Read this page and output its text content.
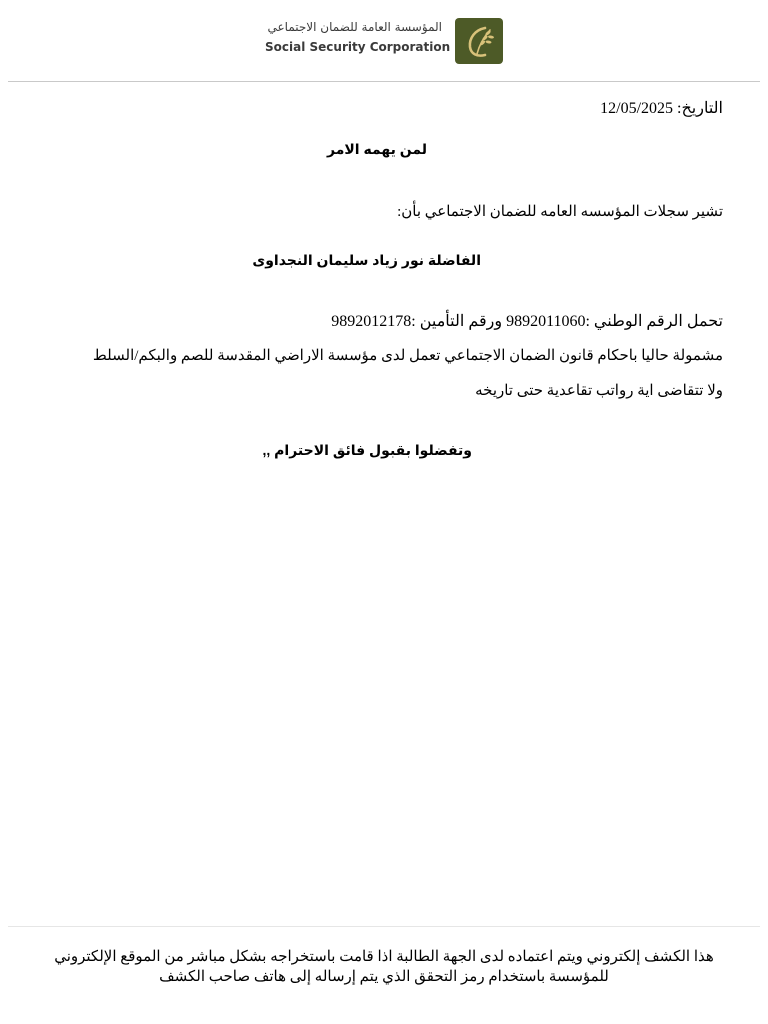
المؤسسة العامة للضمان الاجتماعي
Social Security Corporation
التاريخ: 12/05/2025
لمن يهمه الامر
تشير سجلات المؤسسه العامه للضمان الاجتماعي بأن:
الفاضلة نور زياد سليمان النجداوى
تحمل الرقم الوطني :9892011060 ورقم التأمين :9892012178
مشمولة حاليا باحكام قانون الضمان الاجتماعي تعمل لدى مؤسسة الاراضي المقدسة للصم والبكم/السلط
ولا تتقاضى اية رواتب تقاعدية حتى تاريخه
وتفضلوا بقبول فائق الاحترام ,,
هذا الكشف إلكتروني ويتم اعتماده لدى الجهة الطالبة اذا قامت باستخراجه بشكل مباشر من الموقع الإلكتروني
للمؤسسة باستخدام رمز التحقق الذي يتم إرساله إلى هاتف صاحب الكشف
